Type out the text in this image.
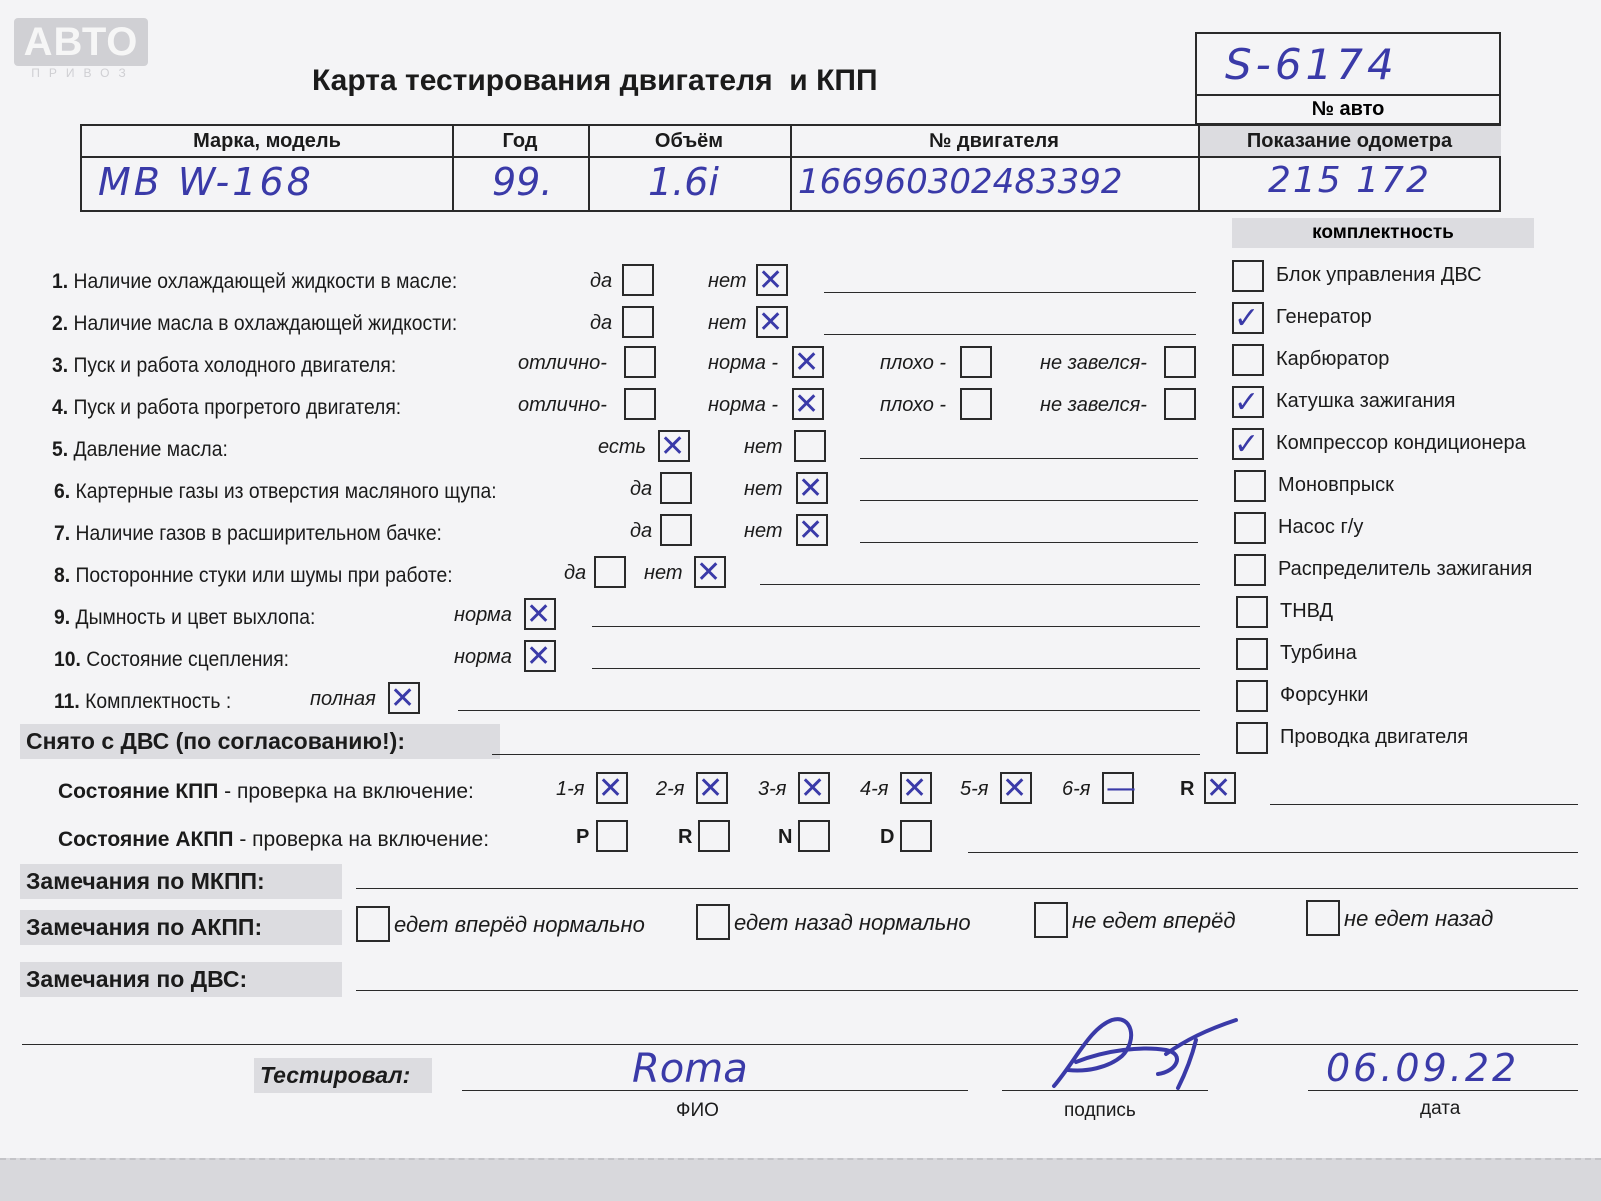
АВТО
ПРИВОЗ	Карта тестирования двигателя  и КПП	S-6174
№ авто
Марка, модель	Год	Объём	№ двигателя	Показание одометра
MB W-168	99.	1.6i 166960302483392	215 172
комплектность
Блок управления ДВС
✓ Генератор
Карбюратор
✓ Катушка зажигания
✓ Компрессор кондиционера
Моновпрыск
Насос г/у
Распределитель зажигания
ТНВД
Турбина
Форсунки
Проводка двигателя
1. Наличие охлаждающей жидкости в масле:	да	нет ✕
2. Наличие масла в охлаждающей жидкости:	да	нет ✕
3. Пуск и работа холодного двигателя:	отлично-	норма - ✕	плохо -	не завелся-
4. Пуск и работа прогретого двигателя:	отлично-	норма - ✕	плохо -	не завелся-
5. Давление масла:	есть ✕	нет
6. Картерные газы из отверстия масляного щупа:	да	нет ✕
7. Наличие газов в расширительном бачке:	да	нет ✕
8. Посторонние стуки или шумы при работе:	да	нет ✕
9. Дымность и цвет выхлопа:	норма ✕
10. Состояние сцепления:	норма ✕
11. Комплектность :	полная ✕
Снято с ДВС (по согласованию!):
Состояние КПП - проверка на включение:	1-я ✕ 2-я ✕ 3-я ✕ 4-я ✕ 5-я ✕ 6-я — R ✕
Состояние АКПП - проверка на включение:	P	R	N	D
Замечания по МКПП:
Замечания по АКПП:	едет вперёд нормально	едет назад нормально	не едет вперёд	не едет назад
Замечания по ДВС:
Тестировал:	Roma
ФИО	подпись
06.09.22
дата
